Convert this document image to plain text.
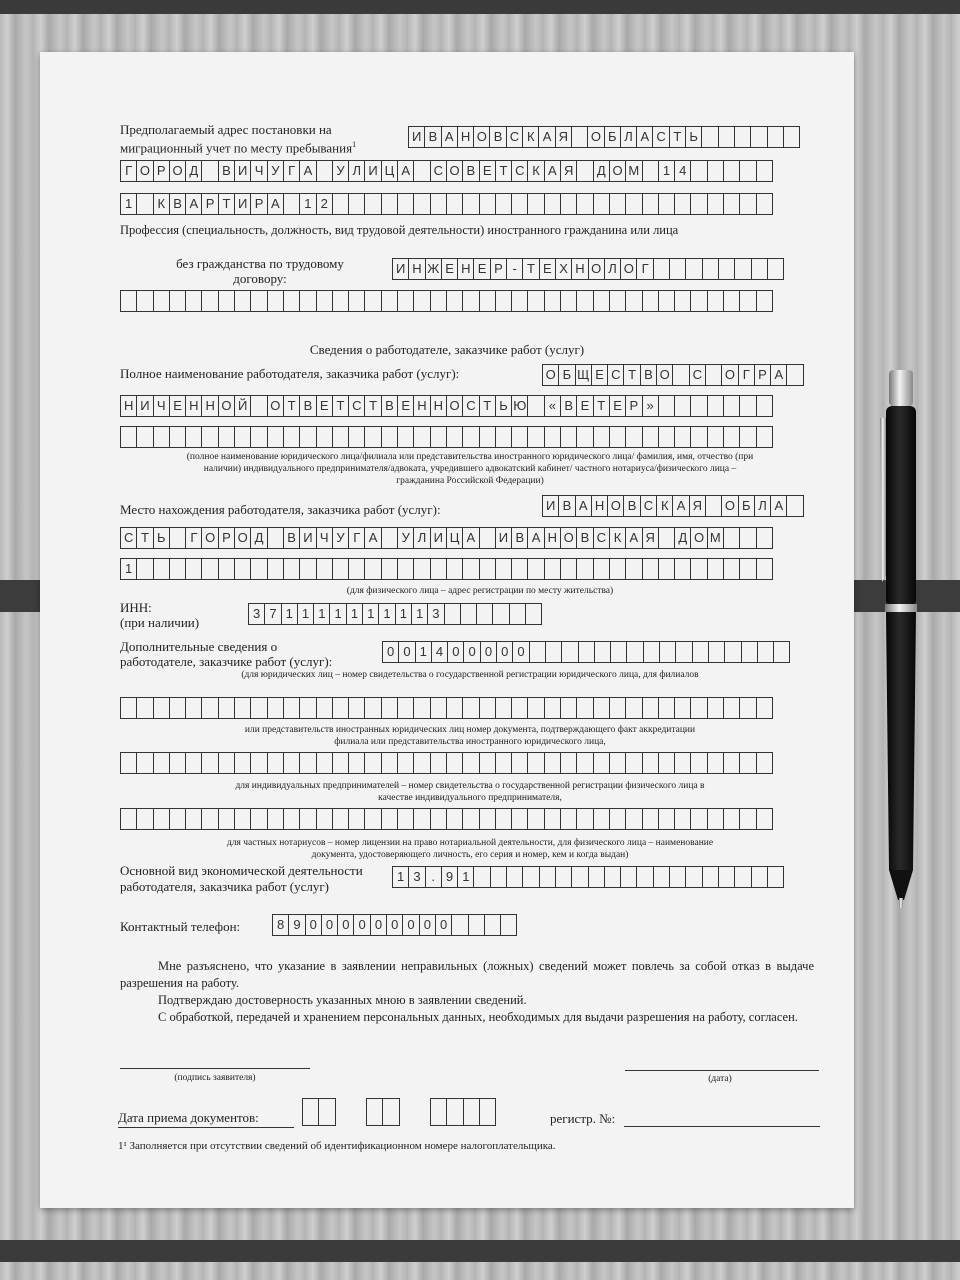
Предполагаемый адрес постановки на миграционный учет по месту пребывания$^1$
И В А Н О В С К А Я	О Б Л А С Т Ь
Г О Р О Д	В И Ч У Г А	У Л И Ц А	С О В Е Т С К А Я	Д О М	1 4
1	К В А Р Т И Р А	1 2
Профессия (специальность, должность, вид трудовой деятельности) иностранного гражданина или лица
без гражданства по трудовому договору:
И Н Ж Е Н Е Р - Т Е Х Н О Л О Г
Сведения о работодателе, заказчике работ (услуг)
Полное наименование работодателя, заказчика работ (услуг):	О Б Щ Е С Т В О	С	О Г Р А
Н И Ч Е Н Н О Й	О Т В Е Т С Т В Е Н Н О С Т Ь Ю	« В Е Т Е Р »
(полное наименование юридического лица/филиала или представительства иностранного юридического лица/ фамилия, имя, отчество (при наличии) индивидуального предпринимателя/адвоката, учредившего адвокатский кабинет/ частного нотариуса/физического лица – гражданина Российской Федерации)
Место нахождения работодателя, заказчика работ (услуг):	И В А Н О В С К А Я	О Б Л А
С Т Ь	Г О Р О Д	В И Ч У Г А	У Л И Ц А	И В А Н О В С К А Я	Д О М
1
(для физического лица – адрес регистрации по месту жительства)
ИНН:
(при наличии)
3 7 1 1 1 1 1 1 1 1 1 3
Дополнительные сведения о
работодателе, заказчике работ (услуг):
0 0 1 4 0 0 0 0 0
(для юридических лиц – номер свидетельства о государственной регистрации юридического лица, для филиалов
или представительств иностранных юридических лиц номер документа, подтверждающего факт аккредитации филиала или представительства иностранного юридического лица,
для индивидуальных предпринимателей – номер свидетельства о государственной регистрации физического лица в качестве индивидуального предпринимателя,
для частных нотариусов – номер лицензии на право нотариальной деятельности, для физического лица – наименование документа, удостоверяющего личность, его серия и номер, кем и когда выдан)
Основной вид экономической деятельности
работодателя, заказчика работ (услуг)
1 3 . 9 1
Контактный телефон:	8 9 0 0 0 0 0 0 0 0 0
Мне разъяснено, что указание в заявлении неправильных (ложных) сведений может повлечь за собой отказ в выдаче разрешения на работу.
Подтверждаю достоверность указанных мною в заявлении сведений.
С обработкой, передачей и хранением персональных данных, необходимых для выдачи разрешения на работу, согласен.
(подпись заявителя)	(дата)
Дата приема документов:	регистр. №:
1¹ Заполняется при отсутствии сведений об идентификационном номере налогоплательщика.
